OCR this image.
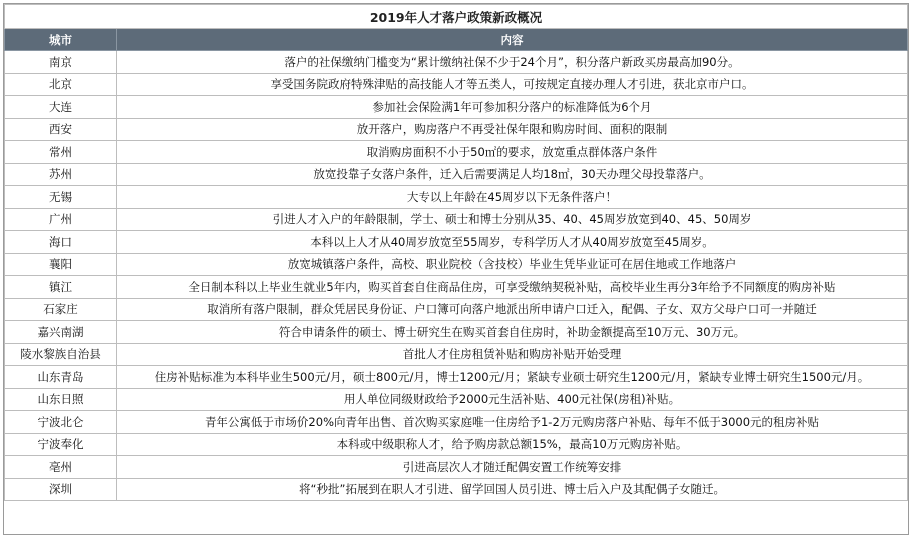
2019年人才落户政策新政概况	
城市	内容
南京	落户的社保缴纳门槛变为“累计缴纳社保不少于24个月”，积分落户新政买房最高加90分。
北京	享受国务院政府特殊津贴的高技能人才等五类人，可按规定直接办理人才引进，获北京市户口。
大连	参加社会保险满1年可参加积分落户的标准降低为6个月
西安	放开落户，购房落户不再受社保年限和购房时间、面积的限制
常州	取消购房面积不小于50㎡的要求，放宽重点群体落户条件
苏州	放宽投靠子女落户条件，迁入后需要满足人均18㎡，30天办理父母投靠落户。
无锡	大专以上年龄在45周岁以下无条件落户！
广州	引进人才入户的年龄限制，学士、硕士和博士分别从35、40、45周岁放宽到40、45、50周岁
海口	本科以上人才从40周岁放宽至55周岁，专科学历人才从40周岁放宽至45周岁。
襄阳	放宽城镇落户条件，高校、职业院校（含技校）毕业生凭毕业证可在居住地或工作地落户
镇江	全日制本科以上毕业生就业5年内，购买首套自住商品住房，可享受缴纳契税补贴，高校毕业生再分3年给予不同额度的购房补贴
石家庄	取消所有落户限制，群众凭居民身份证、户口簿可向落户地派出所申请户口迁入，配偶、子女、双方父母户口可一并随迁
嘉兴南湖	符合申请条件的硕士、博士研究生在购买首套自住房时，补助金额提高至10万元、30万元。
陵水黎族自治县	首批人才住房租赁补贴和购房补贴开始受理
山东青岛	住房补贴标准为本科毕业生500元/月，硕士800元/月，博士1200元/月；紧缺专业硕士研究生1200元/月，紧缺专业博士研究生1500元/月。
山东日照	用人单位同级财政给予2000元生活补贴、400元社保(房租)补贴。
宁波北仑	青年公寓低于市场价20%向青年出售、首次购买家庭唯一住房给予1-2万元购房落户补贴、每年不低于3000元的租房补贴
宁波奉化	本科或中级职称人才，给予购房款总额15%，最高10万元购房补贴。
亳州	引进高层次人才随迁配偶安置工作统筹安排
深圳	将“秒批”拓展到在职人才引进、留学回国人员引进、博士后入户及其配偶子女随迁。
